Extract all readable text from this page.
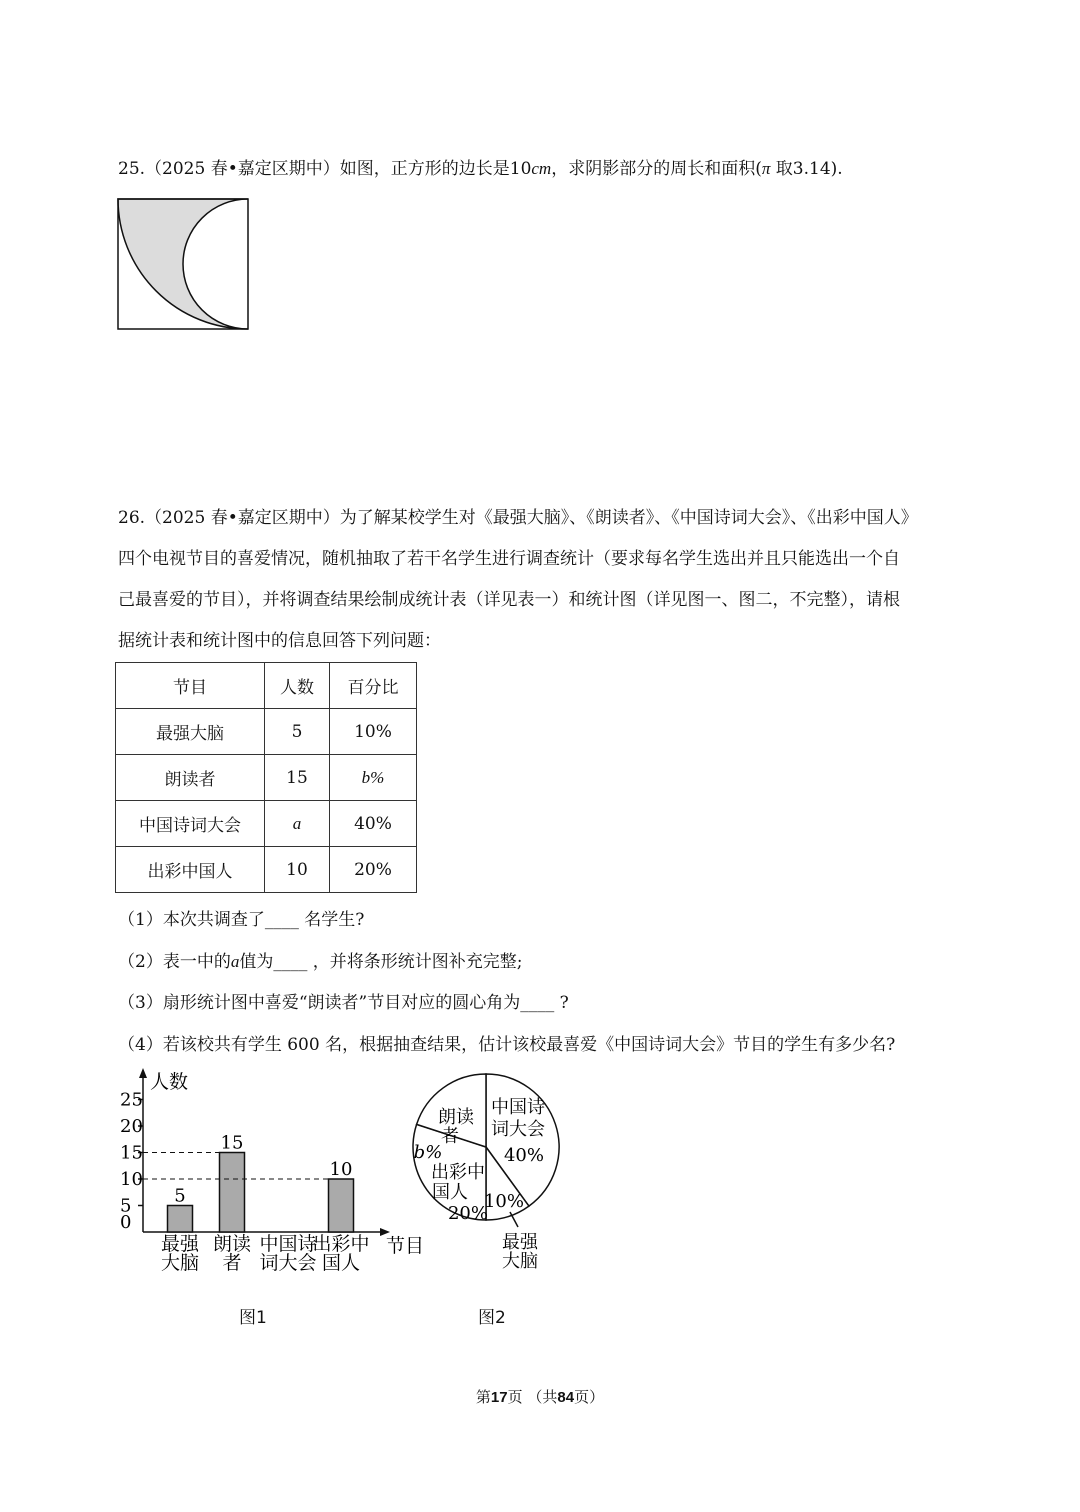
25.（2025 春•嘉定区期中）如图，正方形的边长是10cm，求阴影部分的周长和面积(π 取3.14).
26.（2025 春•嘉定区期中）为了解某校学生对《最强大脑》、《朗读者》、《中国诗词大会》、《出彩中国人》
四个电视节目的喜爱情况，随机抽取了若干名学生进行调查统计（要求每名学生选出并且只能选出一个自
己最喜爱的节目），并将调查结果绘制成统计表（详见表一）和统计图（详见图一、图二，不完整），请根
据统计表和统计图中的信息回答下列问题：
节目	人数	百分比
最强大脑	5	10%
朗读者	15	b%
中国诗词大会	a	40%
出彩中国人	10	20%
（1）本次共调查了____ 名学生?
（2）表一中的a值为____ ，并将条形统计图补充完整;
（3）扇形统计图中喜爱“朗读者”节目对应的圆心角为____ ?
（4）若该校共有学生 600 名，根据抽查结果，估计该校最喜爱《中国诗词大会》节目的学生有多少名?
人数
节目
0
5
10
15
20
25
5
最强
大脑
15
朗读
者
中国诗
词大会
10
出彩中
国人
图1
中国诗
词大会
40%
10%
最强
大脑
出彩中
国人
20%
朗读
者
b%
图2
第17页 （共84页）
